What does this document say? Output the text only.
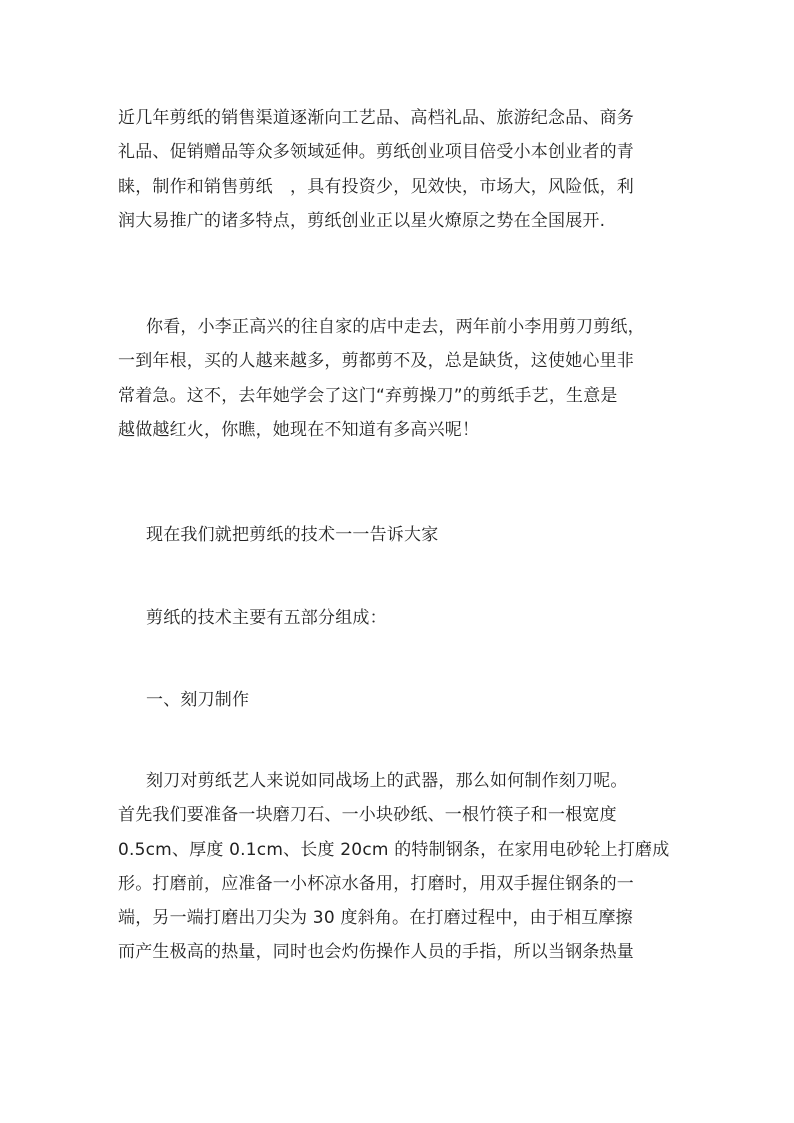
近几年剪纸的销售渠道逐渐向工艺品、高档礼品、旅游纪念品、商务
礼品、促销赠品等众多领域延伸。剪纸创业项目倍受小本创业者的青
睐，制作和销售剪纸　，具有投资少，见效快，市场大，风险低，利
润大易推广的诸多特点，剪纸创业正以星火燎原之势在全国展开.

你看，小李正高兴的往自家的店中走去，两年前小李用剪刀剪纸，
一到年根，买的人越来越多，剪都剪不及，总是缺货，这使她心里非
常着急。这不，去年她学会了这门“弃剪操刀”的剪纸手艺，生意是
越做越红火，你瞧，她现在不知道有多高兴呢！

现在我们就把剪纸的技术一一告诉大家

剪纸的技术主要有五部分组成：

一、刻刀制作

刻刀对剪纸艺人来说如同战场上的武器，那么如何制作刻刀呢。
首先我们要准备一块磨刀石、一小块砂纸、一根竹筷子和一根宽度
0.5cm、厚度 0.1cm、长度 20cm 的特制钢条，在家用电砂轮上打磨成
形。打磨前，应准备一小杯凉水备用，打磨时，用双手握住钢条的一
端，另一端打磨出刀尖为 30 度斜角。在打磨过程中，由于相互摩擦
而产生极高的热量，同时也会灼伤操作人员的手指，所以当钢条热量
